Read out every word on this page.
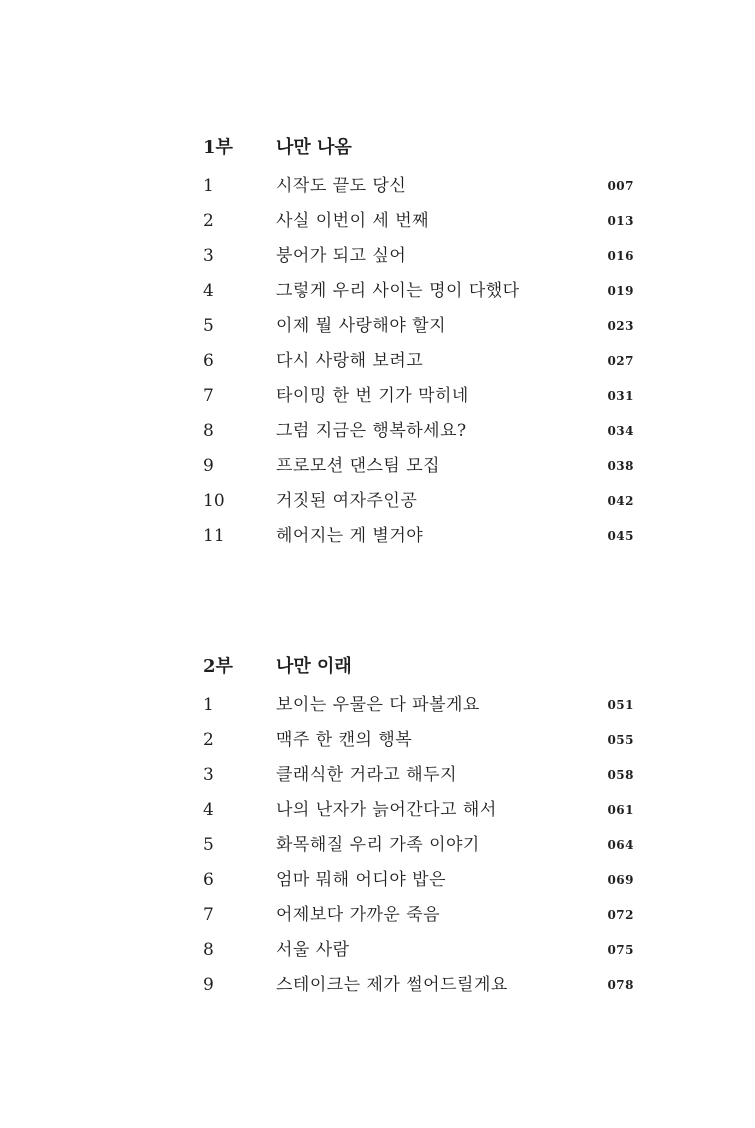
1부 나만 나옴
1	시작도 끝도 당신	007
2	사실 이번이 세 번째	013
3	붕어가 되고 싶어	016
4	그렇게 우리 사이는 명이 다했다	019
5	이제 뭘 사랑해야 할지	023
6	다시 사랑해 보려고	027
7	타이밍 한 번 기가 막히네	031
8	그럼 지금은 행복하세요?	034
9	프로모션 댄스팀 모집	038
10	거짓된 여자주인공	042
11	헤어지는 게 별거야	045
2부 나만 이래
1	보이는 우물은 다 파볼게요	051
2	맥주 한 캔의 행복	055
3	클래식한 거라고 해두지	058
4	나의 난자가 늙어간다고 해서	061
5	화목해질 우리 가족 이야기	064
6	엄마 뭐해 어디야 밥은	069
7	어제보다 가까운 죽음	072
8	서울 사람	075
9	스테이크는 제가 썰어드릴게요	078
